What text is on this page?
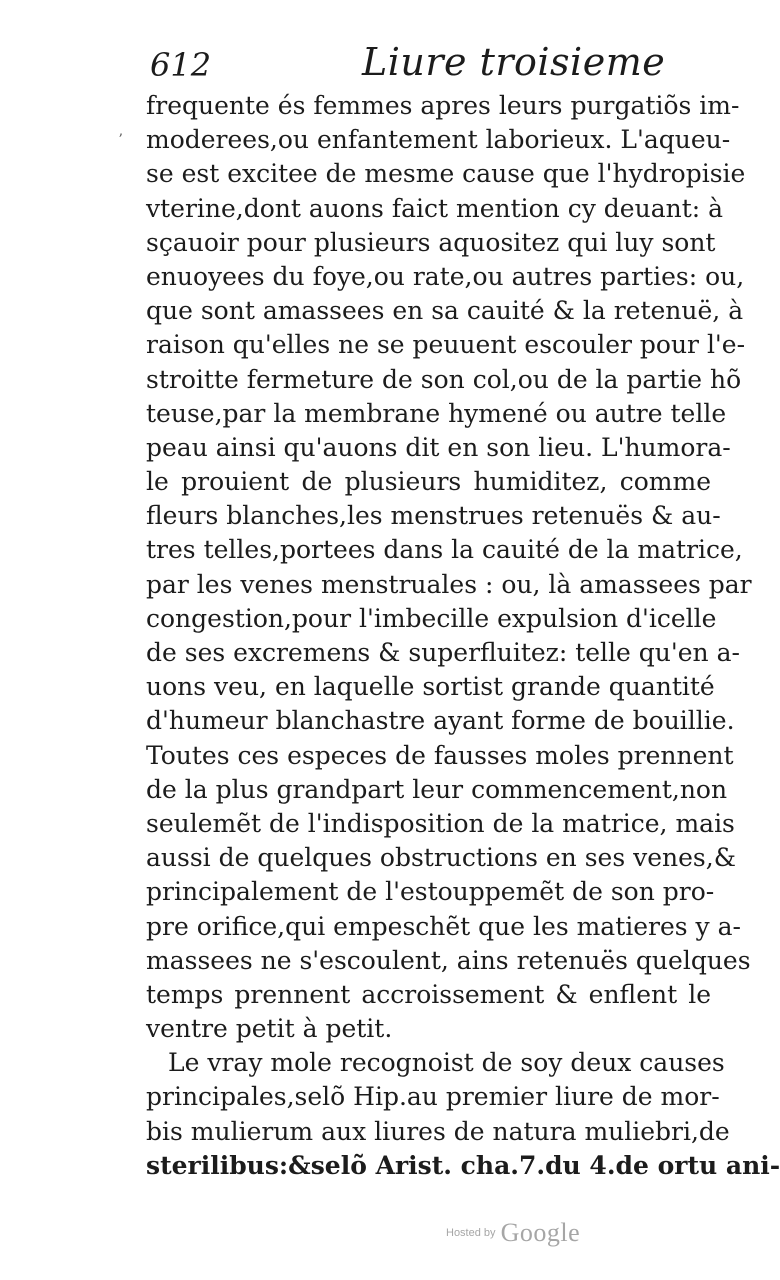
612	Liure troisieme
ʼ
frequente és femmes apres leurs purgatiõs im-
moderees,ou enfantement laborieux. L'aqueu-
se est excitee de mesme cause que l'hydropisie
vterine,dont auons faict mention cy deuant: à
sçauoir pour plusieurs aquositez qui luy sont
enuoyees du foye,ou rate,ou autres parties: ou,
que sont amassees en sa cauité & la retenuë, à
raison qu'elles ne se peuuent escouler pour l'e-
stroitte fermeture de son col,ou de la partie hõ
teuse,par la membrane hymené ou autre telle
peau ainsi qu'auons dit en son lieu. L'humora-
le prouient de plusieurs humiditez, comme
fleurs blanches,les menstrues retenuës & au-
tres telles,portees dans la cauité de la matrice,
par les venes menstruales : ou, là amassees par
congestion,pour l'imbecille expulsion d'icelle
de ses excremens & superfluitez: telle qu'en a-
uons veu, en laquelle sortist grande quantité
d'humeur blanchastre ayant forme de bouillie.
Toutes ces especes de fausses moles prennent
de la plus grandpart leur commencement,non
seulemẽt de l'indisposition de la matrice, mais
aussi de quelques obstructions en ses venes,&
principalement de l'estouppemẽt de son pro-
pre orifice,qui empeschẽt que les matieres y a-
massees ne s'escoulent, ains retenuës quelques
temps prennent accroissement & enflent le
ventre petit à petit.
Le vray mole recognoist de soy deux causes
principales,selõ Hip.au premier liure de mor-
bis mulierum aux liures de natura muliebri,de
sterilibus:&selõ Arist. cha.7.du 4.de ortu ani-
Hosted by Google
